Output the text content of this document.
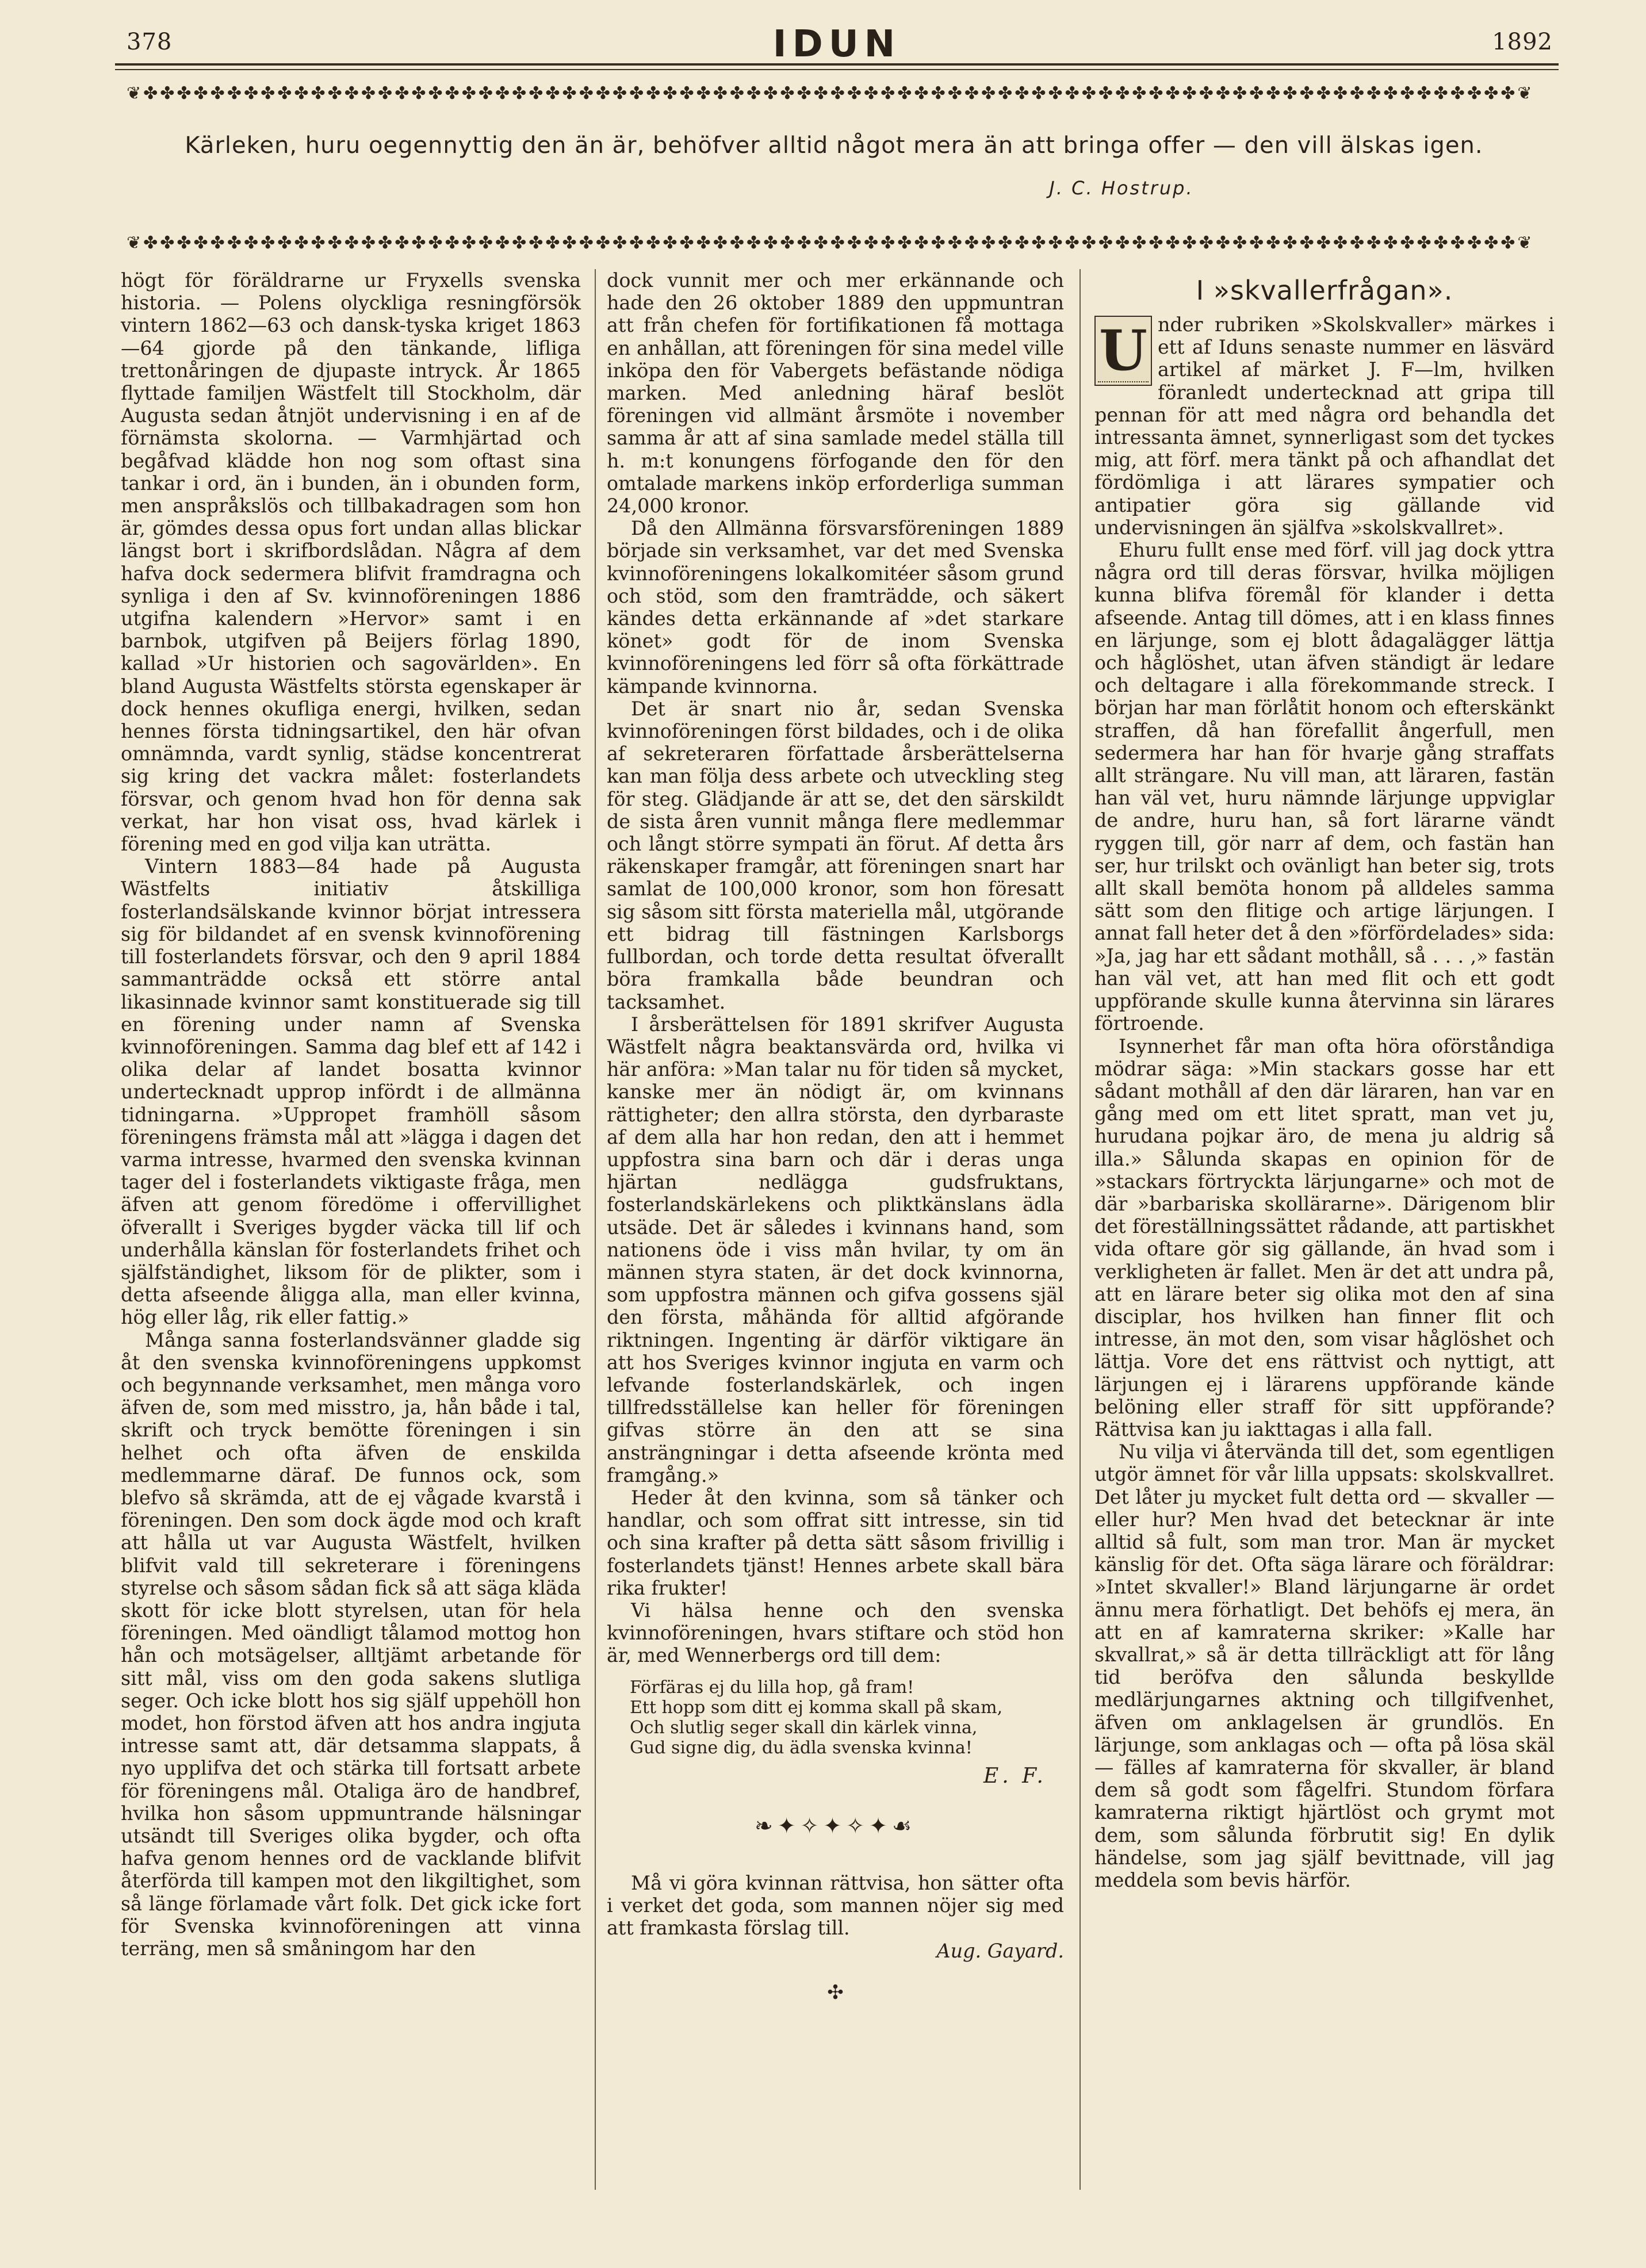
378	IDUN	1892
❦✤✤✤✤✤✤✤✤✤✤✤✤✤✤✤✤✤✤✤✤✤✤✤✤✤✤✤✤✤✤✤✤✤✤✤✤✤✤✤✤✤✤✤✤✤✤✤✤✤✤✤✤✤✤✤✤✤✤✤✤✤✤✤✤✤✤✤✤✤✤✤✤✤✤✤✤✤✤✤✤✤✤❦
Kärleken, huru oegennyttig den än är, behöfver alltid något mera än att bringa offer — den vill älskas igen.
J. C. Hostrup.
❦✤✤✤✤✤✤✤✤✤✤✤✤✤✤✤✤✤✤✤✤✤✤✤✤✤✤✤✤✤✤✤✤✤✤✤✤✤✤✤✤✤✤✤✤✤✤✤✤✤✤✤✤✤✤✤✤✤✤✤✤✤✤✤✤✤✤✤✤✤✤✤✤✤✤✤✤✤✤✤✤✤✤❦

högt för föräldrarne ur Fryxells svenska historia. — Polens olyckliga resningförsök vintern 1862—63 och dansk-tyska kriget 1863—64 gjorde på den tänkande, lifliga trettonåringen de djupaste intryck. År 1865 flyttade familjen Wästfelt till Stockholm, där Augusta sedan åtnjöt undervisning i en af de förnämsta skolorna. — Varmhjärtad och begåfvad klädde hon nog som oftast sina tankar i ord, än i bunden, än i obunden form, men anspråkslös och tillbakadragen som hon är, gömdes dessa opus fort undan allas blickar längst bort i skrifbordslådan. Några af dem hafva dock sedermera blifvit framdragna och synliga i den af Sv. kvinnoföreningen 1886 utgifna kalendern »Hervor» samt i en barnbok, utgifven på Beijers förlag 1890, kallad »Ur historien och sagovärlden». En bland Augusta Wästfelts största egenskaper är dock hennes okufliga energi, hvilken, sedan hennes första tidningsartikel, den här ofvan omnämnda, vardt synlig, städse koncentrerat sig kring det vackra målet: fosterlandets försvar, och genom hvad hon för denna sak verkat, har hon visat oss, hvad kärlek i förening med en god vilja kan uträtta.

Vintern 1883—84 hade på Augusta Wästfelts initiativ åtskilliga fosterlandsälskande kvinnor börjat intressera sig för bildandet af en svensk kvinnoförening till fosterlandets försvar, och den 9 april 1884 sammanträdde också ett större antal likasinnade kvinnor samt konstituerade sig till en förening under namn af Svenska kvinnoföreningen. Samma dag blef ett af 142 i olika delar af landet bosatta kvinnor undertecknadt upprop infördt i de allmänna tidningarna. »Uppropet framhöll såsom föreningens främsta mål att »lägga i dagen det varma intresse, hvarmed den svenska kvinnan tager del i fosterlandets viktigaste fråga, men äfven att genom föredöme i offervillighet öfverallt i Sveriges bygder väcka till lif och underhålla känslan för fosterlandets frihet och själfständighet, liksom för de plikter, som i detta afseende åligga alla, man eller kvinna, hög eller låg, rik eller fattig.»

Många sanna fosterlandsvänner gladde sig åt den svenska kvinnoföreningens uppkomst och begynnande verksamhet, men många voro äfven de, som med misstro, ja, hån både i tal, skrift och tryck bemötte föreningen i sin helhet och ofta äfven de enskilda medlemmarne däraf. De funnos ock, som blefvo så skrämda, att de ej vågade kvarstå i föreningen. Den som dock ägde mod och kraft att hålla ut var Augusta Wästfelt, hvilken blifvit vald till sekreterare i föreningens styrelse och såsom sådan fick så att säga kläda skott för icke blott styrelsen, utan för hela föreningen. Med oändligt tålamod mottog hon hån och motsägelser, alltjämt arbetande för sitt mål, viss om den goda sakens slutliga seger. Och icke blott hos sig själf uppehöll hon modet, hon förstod äfven att hos andra ingjuta intresse samt att, där detsamma slappats, å nyo upplifva det och stärka till fortsatt arbete för föreningens mål. Otaliga äro de handbref, hvilka hon såsom uppmuntrande hälsningar utsändt till Sveriges olika bygder, och ofta hafva genom hennes ord de vacklande blifvit återförda till kampen mot den likgiltighet, som så länge förlamade vårt folk. Det gick icke fort för Svenska kvinnoföreningen att vinna terräng, men så småningom har den

dock vunnit mer och mer erkännande och hade den 26 oktober 1889 den uppmuntran att från chefen för fortifikationen få mottaga en anhållan, att föreningen för sina medel ville inköpa den för Vabergets befästande nödiga marken. Med anledning häraf beslöt föreningen vid allmänt årsmöte i november samma år att af sina samlade medel ställa till h. m:t konungens förfogande den för den omtalade markens inköp erforderliga summan 24,000 kronor.

Då den Allmänna försvarsföreningen 1889 började sin verksamhet, var det med Svenska kvinnoföreningens lokalkomitéer såsom grund och stöd, som den framträdde, och säkert kändes detta erkännande af »det starkare könet» godt för de inom Svenska kvinnoföreningens led förr så ofta förkättrade kämpande kvinnorna.

Det är snart nio år, sedan Svenska kvinnoföreningen först bildades, och i de olika af sekreteraren författade årsberättelserna kan man följa dess arbete och utveckling steg för steg. Glädjande är att se, det den särskildt de sista åren vunnit många flere medlemmar och långt större sympati än förut. Af detta års räkenskaper framgår, att föreningen snart har samlat de 100,000 kronor, som hon föresatt sig såsom sitt första materiella mål, utgörande ett bidrag till fästningen Karlsborgs fullbordan, och torde detta resultat öfverallt böra framkalla både beundran och tacksamhet.

I årsberättelsen för 1891 skrifver Augusta Wästfelt några beaktansvärda ord, hvilka vi här anföra: »Man talar nu för tiden så mycket, kanske mer än nödigt är, om kvinnans rättigheter; den allra största, den dyrbaraste af dem alla har hon redan, den att i hemmet uppfostra sina barn och där i deras unga hjärtan nedlägga gudsfruktans, fosterlandskärlekens och pliktkänslans ädla utsäde. Det är således i kvinnans hand, som nationens öde i viss mån hvilar, ty om än männen styra staten, är det dock kvinnorna, som uppfostra männen och gifva gossens själ den första, måhända för alltid afgörande riktningen. Ingenting är därför viktigare än att hos Sveriges kvinnor ingjuta en varm och lefvande fosterlandskärlek, och ingen tillfredsställelse kan heller för föreningen gifvas större än den att se sina ansträngningar i detta afseende krönta med framgång.»

Heder åt den kvinna, som så tänker och handlar, och som offrat sitt intresse, sin tid och sina krafter på detta sätt såsom frivillig i fosterlandets tjänst! Hennes arbete skall bära rika frukter!

Vi hälsa henne och den svenska kvinnoföreningen, hvars stiftare och stöd hon är, med Wennerbergs ord till dem:

Förfäras ej du lilla hop, gå fram!
Ett hopp som ditt ej komma skall på skam,
Och slutlig seger skall din kärlek vinna,
Gud signe dig, du ädla svenska kvinna!
E. F.
❧✦✧✦✧✦☙

Må vi göra kvinnan rättvisa, hon sätter ofta i verket det goda, som mannen nöjer sig med att framkasta förslag till.

Aug. Gayard.

✣
I »skvallerfrågan».

Under rubriken »Skolskvaller» märkes i ett af Iduns senaste nummer en läsvärd artikel af märket J. F—lm, hvilken föranledt undertecknad att gripa till pennan för att med några ord behandla det intressanta ämnet, synnerligast som det tyckes mig, att förf. mera tänkt på och afhandlat det fördömliga i att lärares sympatier och antipatier göra sig gällande vid undervisningen än själfva »skolskvallret».

Ehuru fullt ense med förf. vill jag dock yttra några ord till deras försvar, hvilka möjligen kunna blifva föremål för klander i detta afseende. Antag till dömes, att i en klass finnes en lärjunge, som ej blott ådagalägger lättja och håglöshet, utan äfven ständigt är ledare och deltagare i alla förekommande streck. I början har man förlåtit honom och efterskänkt straffen, då han förefallit ångerfull, men sedermera har han för hvarje gång straffats allt strängare. Nu vill man, att läraren, fastän han väl vet, huru nämnde lärjunge uppviglar de andre, huru han, så fort lärarne vändt ryggen till, gör narr af dem, och fastän han ser, hur trilskt och ovänligt han beter sig, trots allt skall bemöta honom på alldeles samma sätt som den flitige och artige lärjungen. I annat fall heter det å den »förfördelades» sida: »Ja, jag har ett sådant mothåll, så . . . ,» fastän han väl vet, att han med flit och ett godt uppförande skulle kunna återvinna sin lärares förtroende.

Isynnerhet får man ofta höra oförståndiga mödrar säga: »Min stackars gosse har ett sådant mothåll af den där läraren, han var en gång med om ett litet spratt, man vet ju, hurudana pojkar äro, de mena ju aldrig så illa.» Sålunda skapas en opinion för de »stackars förtryckta lärjungarne» och mot de där »barbariska skollärarne». Därigenom blir det föreställningssättet rådande, att partiskhet vida oftare gör sig gällande, än hvad som i verkligheten är fallet. Men är det att undra på, att en lärare beter sig olika mot den af sina disciplar, hos hvilken han finner flit och intresse, än mot den, som visar håglöshet och lättja. Vore det ens rättvist och nyttigt, att lärjungen ej i lärarens uppförande kände belöning eller straff för sitt uppförande? Rättvisa kan ju iakttagas i alla fall.

Nu vilja vi återvända till det, som egentligen utgör ämnet för vår lilla uppsats: skolskvallret. Det låter ju mycket fult detta ord — skvaller — eller hur? Men hvad det betecknar är inte alltid så fult, som man tror. Man är mycket känslig för det. Ofta säga lärare och föräldrar: »Intet skvaller!» Bland lärjungarne är ordet ännu mera förhatligt. Det behöfs ej mera, än att en af kamraterna skriker: »Kalle har skvallrat,» så är detta tillräckligt att för lång tid beröfva den sålunda beskyllde medlärjungarnes aktning och tillgifvenhet, äfven om anklagelsen är grundlös. En lärjunge, som anklagas och — ofta på lösa skäl — fälles af kamraterna för skvaller, är bland dem så godt som fågelfri. Stundom förfara kamraterna riktigt hjärtlöst och grymt mot dem, som sålunda förbrutit sig! En dylik händelse, som jag själf bevittnade, vill jag meddela som bevis härför.
